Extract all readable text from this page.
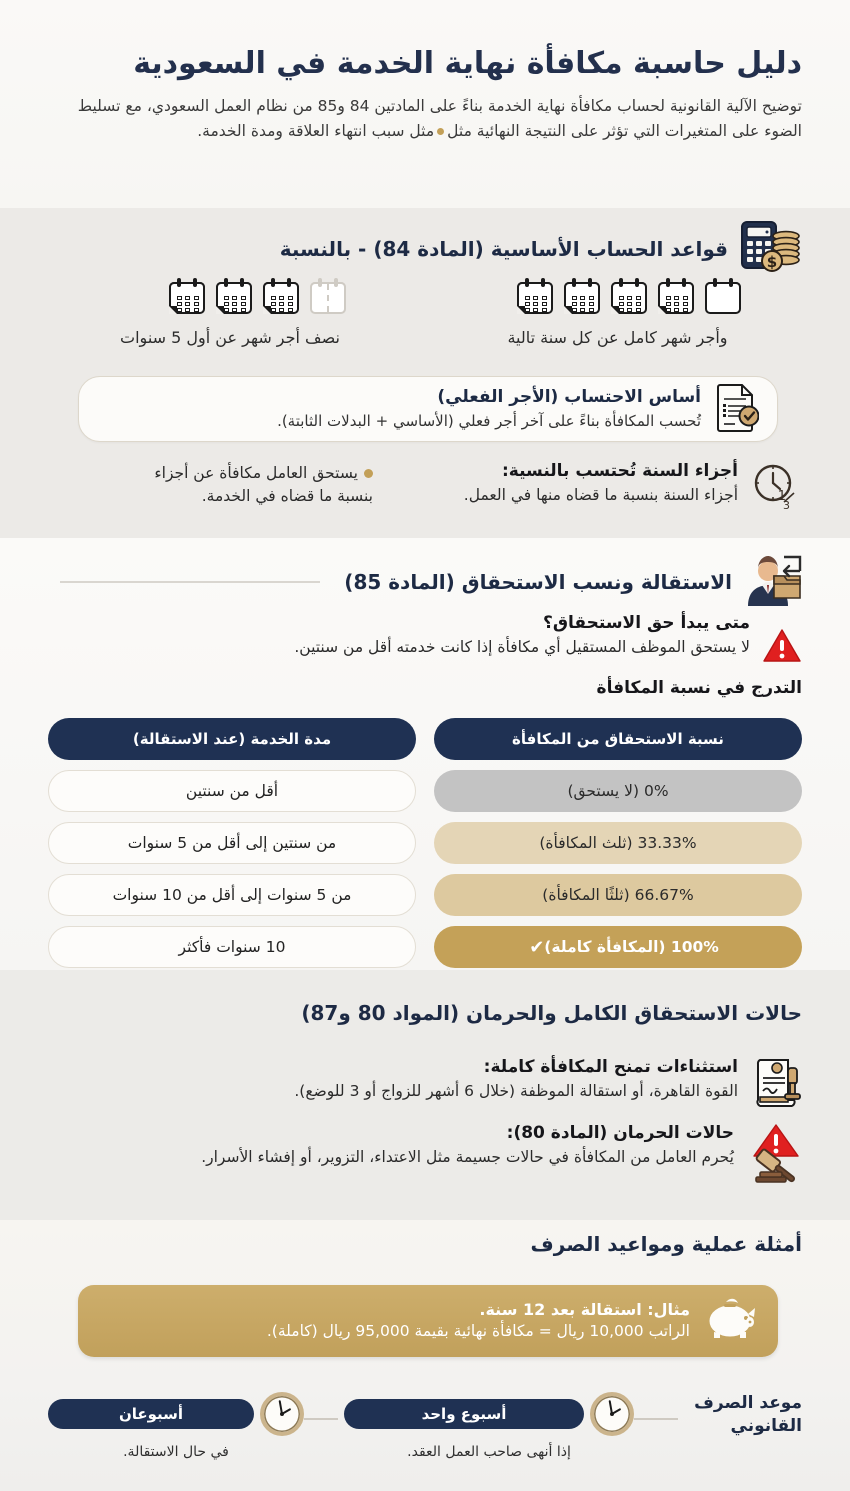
دليل حاسبة مكافأة نهاية الخدمة في السعودية

توضيح الآلية القانونية لحساب مكافأة نهاية الخدمة بناءً على المادتين 84 و85 من نظام العمل السعودي، مع تسليط الضوء على المتغيرات التي تؤثر على النتيجة النهائية مثلمثل سبب انتهاء العلاقة ومدة الخدمة.

$
قواعد الحساب الأساسية (المادة 84) - بالنسبة
نصف أجر شهر عن أول 5 سنوات	وأجر شهر كامل عن كل سنة تالية
أساس الاحتساب (الأجر الفعلي)
تُحسب المكافأة بناءً على آخر أجر فعلي (الأساسي + البدلات الثابتة).
1
3
أجزاء السنة تُحتسب بالنسية:
أجزاء السنة بنسبة ما قضاه منها في العمل.
يستحق العامل مكافأة عن أجزاء
بنسبة ما قضاه في الخدمة.
الاستقالة ونسب الاستحقاق (المادة 85)
متى يبدأ حق الاستحقاق؟
لا يستحق الموظف المستقيل أي مكافأة إذا كانت خدمته أقل من سنتين.
التدرج في نسبة المكافأة
مدة الخدمة (عند الاستقالة)
أقل من سنتين
من سنتين إلى أقل من 5 سنوات
من 5 سنوات إلى أقل من 10 سنوات
10 سنوات فأكثر
نسبة الاستحقاق من المكافأة
0% (لا يستحق)
33.33% (ثلث المكافأة)
66.67% (ثلثًا المكافأة)
100% (المكافأة كاملة)
✔
حالات الاستحقاق الكامل والحرمان (المواد 80 و87)
استثناءات تمنح المكافأة كاملة:
القوة القاهرة، أو استقالة الموظفة (خلال 6 أشهر للزواج أو 3 للوضع).
حالات الحرمان (المادة 80):
يُحرم العامل من المكافأة في حالات جسيمة مثل الاعتداء، التزوير، أو إفشاء الأسرار.
أمثلة عملية ومواعيد الصرف
مثال: استقالة بعد 12 سنة.
الراتب 10,000 ريال = مكافأة نهائية بقيمة 95,000 ريال (كاملة).
موعد الصرف القانوني
أسبوع واحد
إذا أنهى صاحب العمل العقد.
أسبوعان
في حال الاستقالة.
